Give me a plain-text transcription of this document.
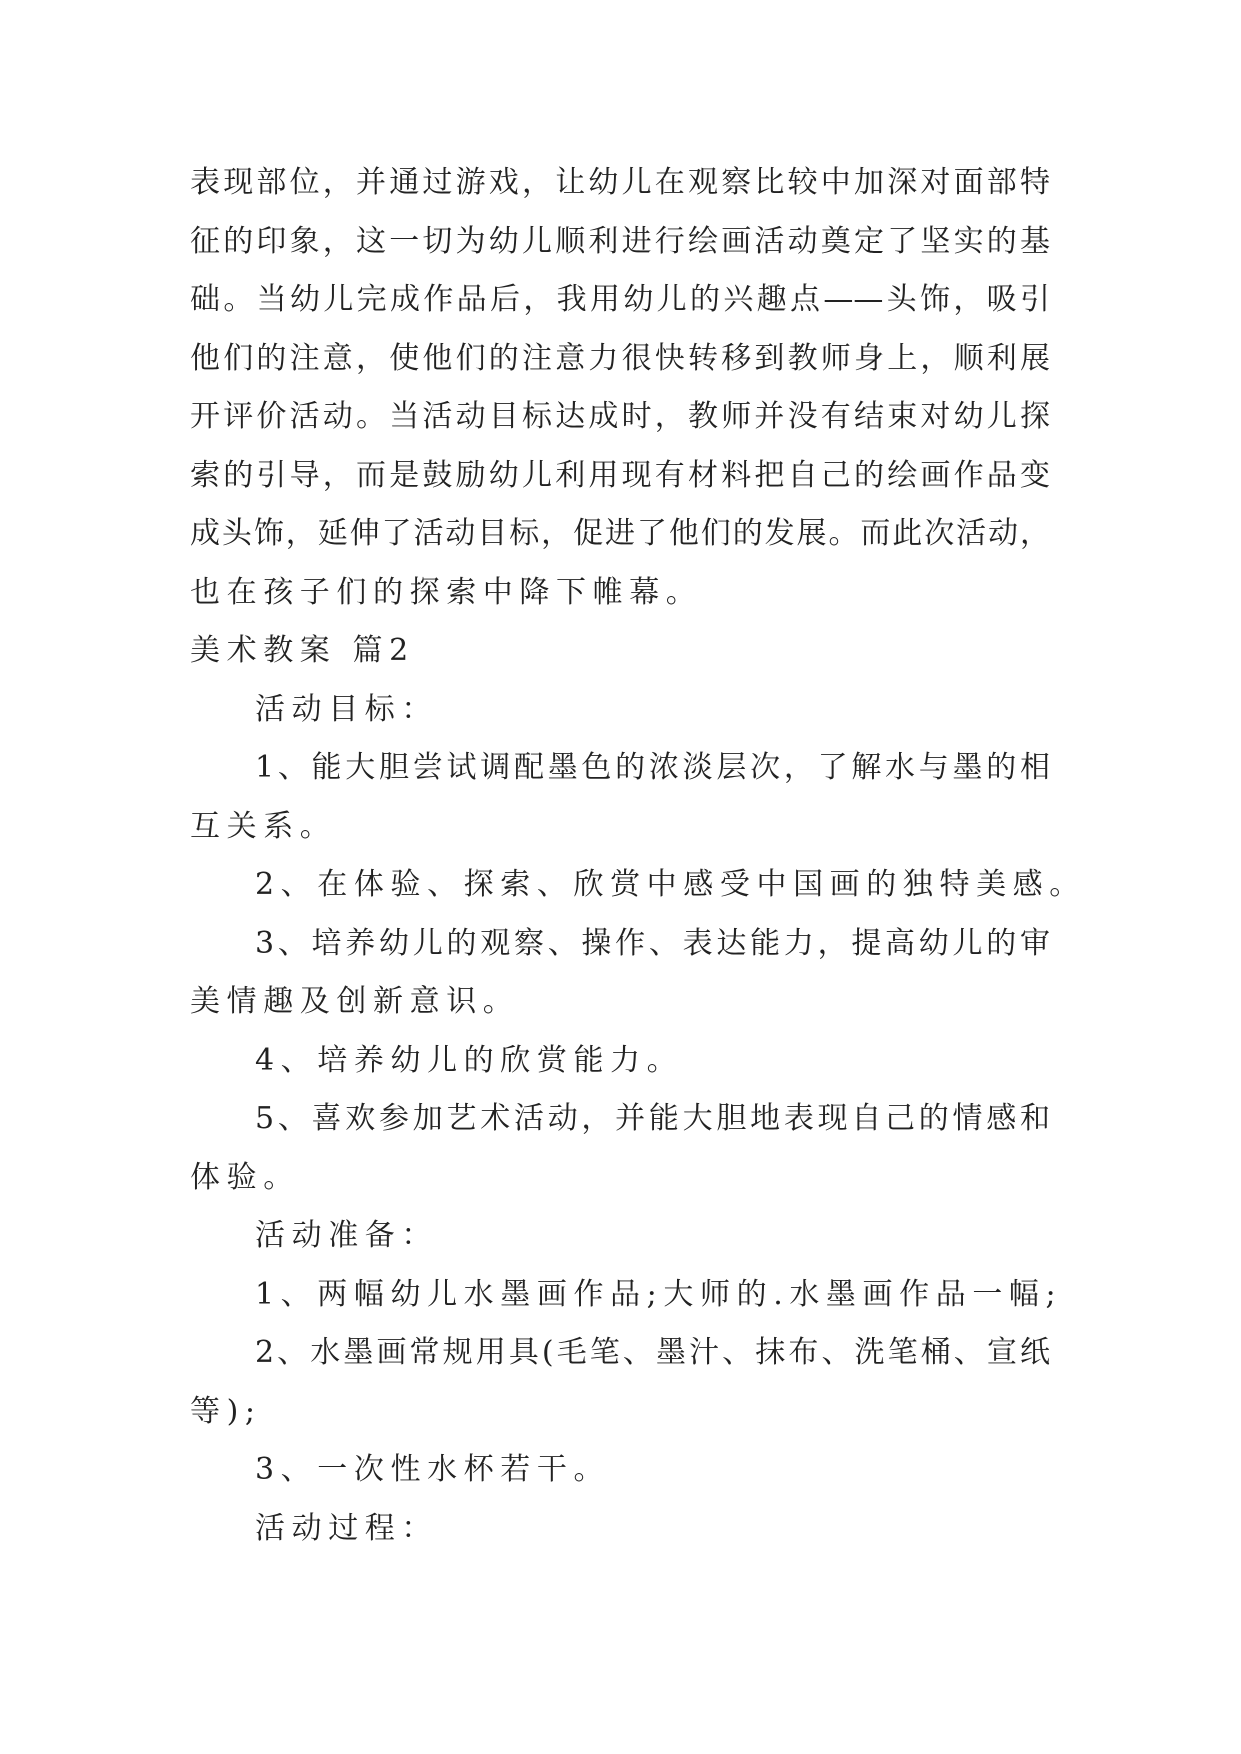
表现部位，并通过游戏，让幼儿在观察比较中加深对面部特
征的印象，这一切为幼儿顺利进行绘画活动奠定了坚实的基
础。当幼儿完成作品后，我用幼儿的兴趣点——头饰，吸引
他们的注意，使他们的注意力很快转移到教师身上，顺利展
开评价活动。当活动目标达成时，教师并没有结束对幼儿探
索的引导，而是鼓励幼儿利用现有材料把自己的绘画作品变
成头饰，延伸了活动目标，促进了他们的发展。而此次活动，
也在孩子们的探索中降下帷幕。
美术教案 篇2
活动目标：
1、能大胆尝试调配墨色的浓淡层次，了解水与墨的相
互关系。
2、在体验、探索、欣赏中感受中国画的独特美感。
3、培养幼儿的观察、操作、表达能力，提高幼儿的审
美情趣及创新意识。
4、培养幼儿的欣赏能力。
5、喜欢参加艺术活动，并能大胆地表现自己的情感和
体验。
活动准备：
1、两幅幼儿水墨画作品;大师的.水墨画作品一幅;
2、水墨画常规用具(毛笔、墨汁、抹布、洗笔桶、宣纸
等);
3、一次性水杯若干。
活动过程：
